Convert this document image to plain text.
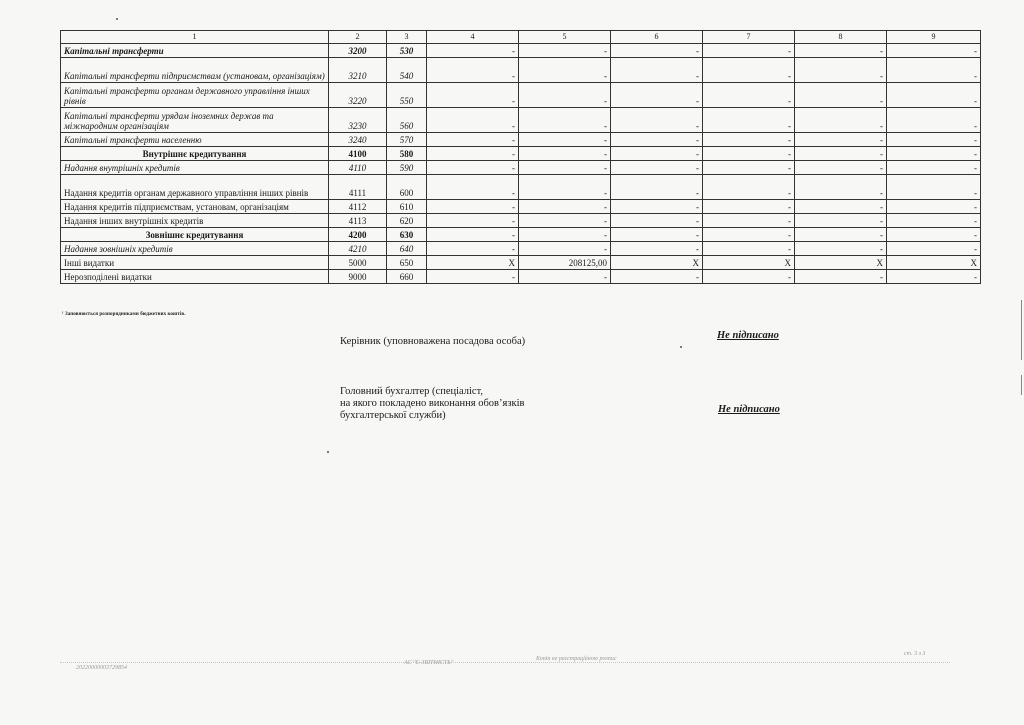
1	2	3	4	5	6	7	8	9
Капітальні трансферти	3200	530	-	-	-	-	-	-
Капітальні трансферти підприємствам (установам, організаціям)	3210	540	-	-	-	-	-	-
Капітальні трансферти органам державного управління інших рівнів	3220	550	-	-	-	-	-	-
Капітальні трансферти урядам іноземних держав та міжнародним організаціям	3230	560	-	-	-	-	-	-
Капітальні трансферти населенню	3240	570	-	-	-	-	-	-
Внутрішнє кредитування	4100	580	-	-	-	-	-	-
Надання внутрішніх кредитів	4110	590	-	-	-	-	-	-
Надання кредитів органам державного управління інших рівнів	4111	600	-	-	-	-	-	-
Надання кредитів підприємствам, установам, організаціям	4112	610	-	-	-	-	-	-
Надання інших внутрішніх кредитів	4113	620	-	-	-	-	-	-
Зовнішнє кредитування	4200	630	-	-	-	-	-	-
Надання зовнішніх кредитів	4210	640	-	-	-	-	-	-
Інші видатки	5000	650	X	208125,00	X	X	X	X
Нерозподілені видатки	9000	660	-	-	-	-	-	-
¹ Заповнюється розпорядниками бюджетних коштів.
Керівник (уповноважена посадова особа)
Не підписано
Головний бухгалтер (спеціаліст,
на якого покладено виконання обов’язків
бухгалтерської служби)
Не підписано
20220000003729854
АС "Є-ЗВІТНІСТЬ"
Копія не реєстраційною розпис
ст. 3 з 3
